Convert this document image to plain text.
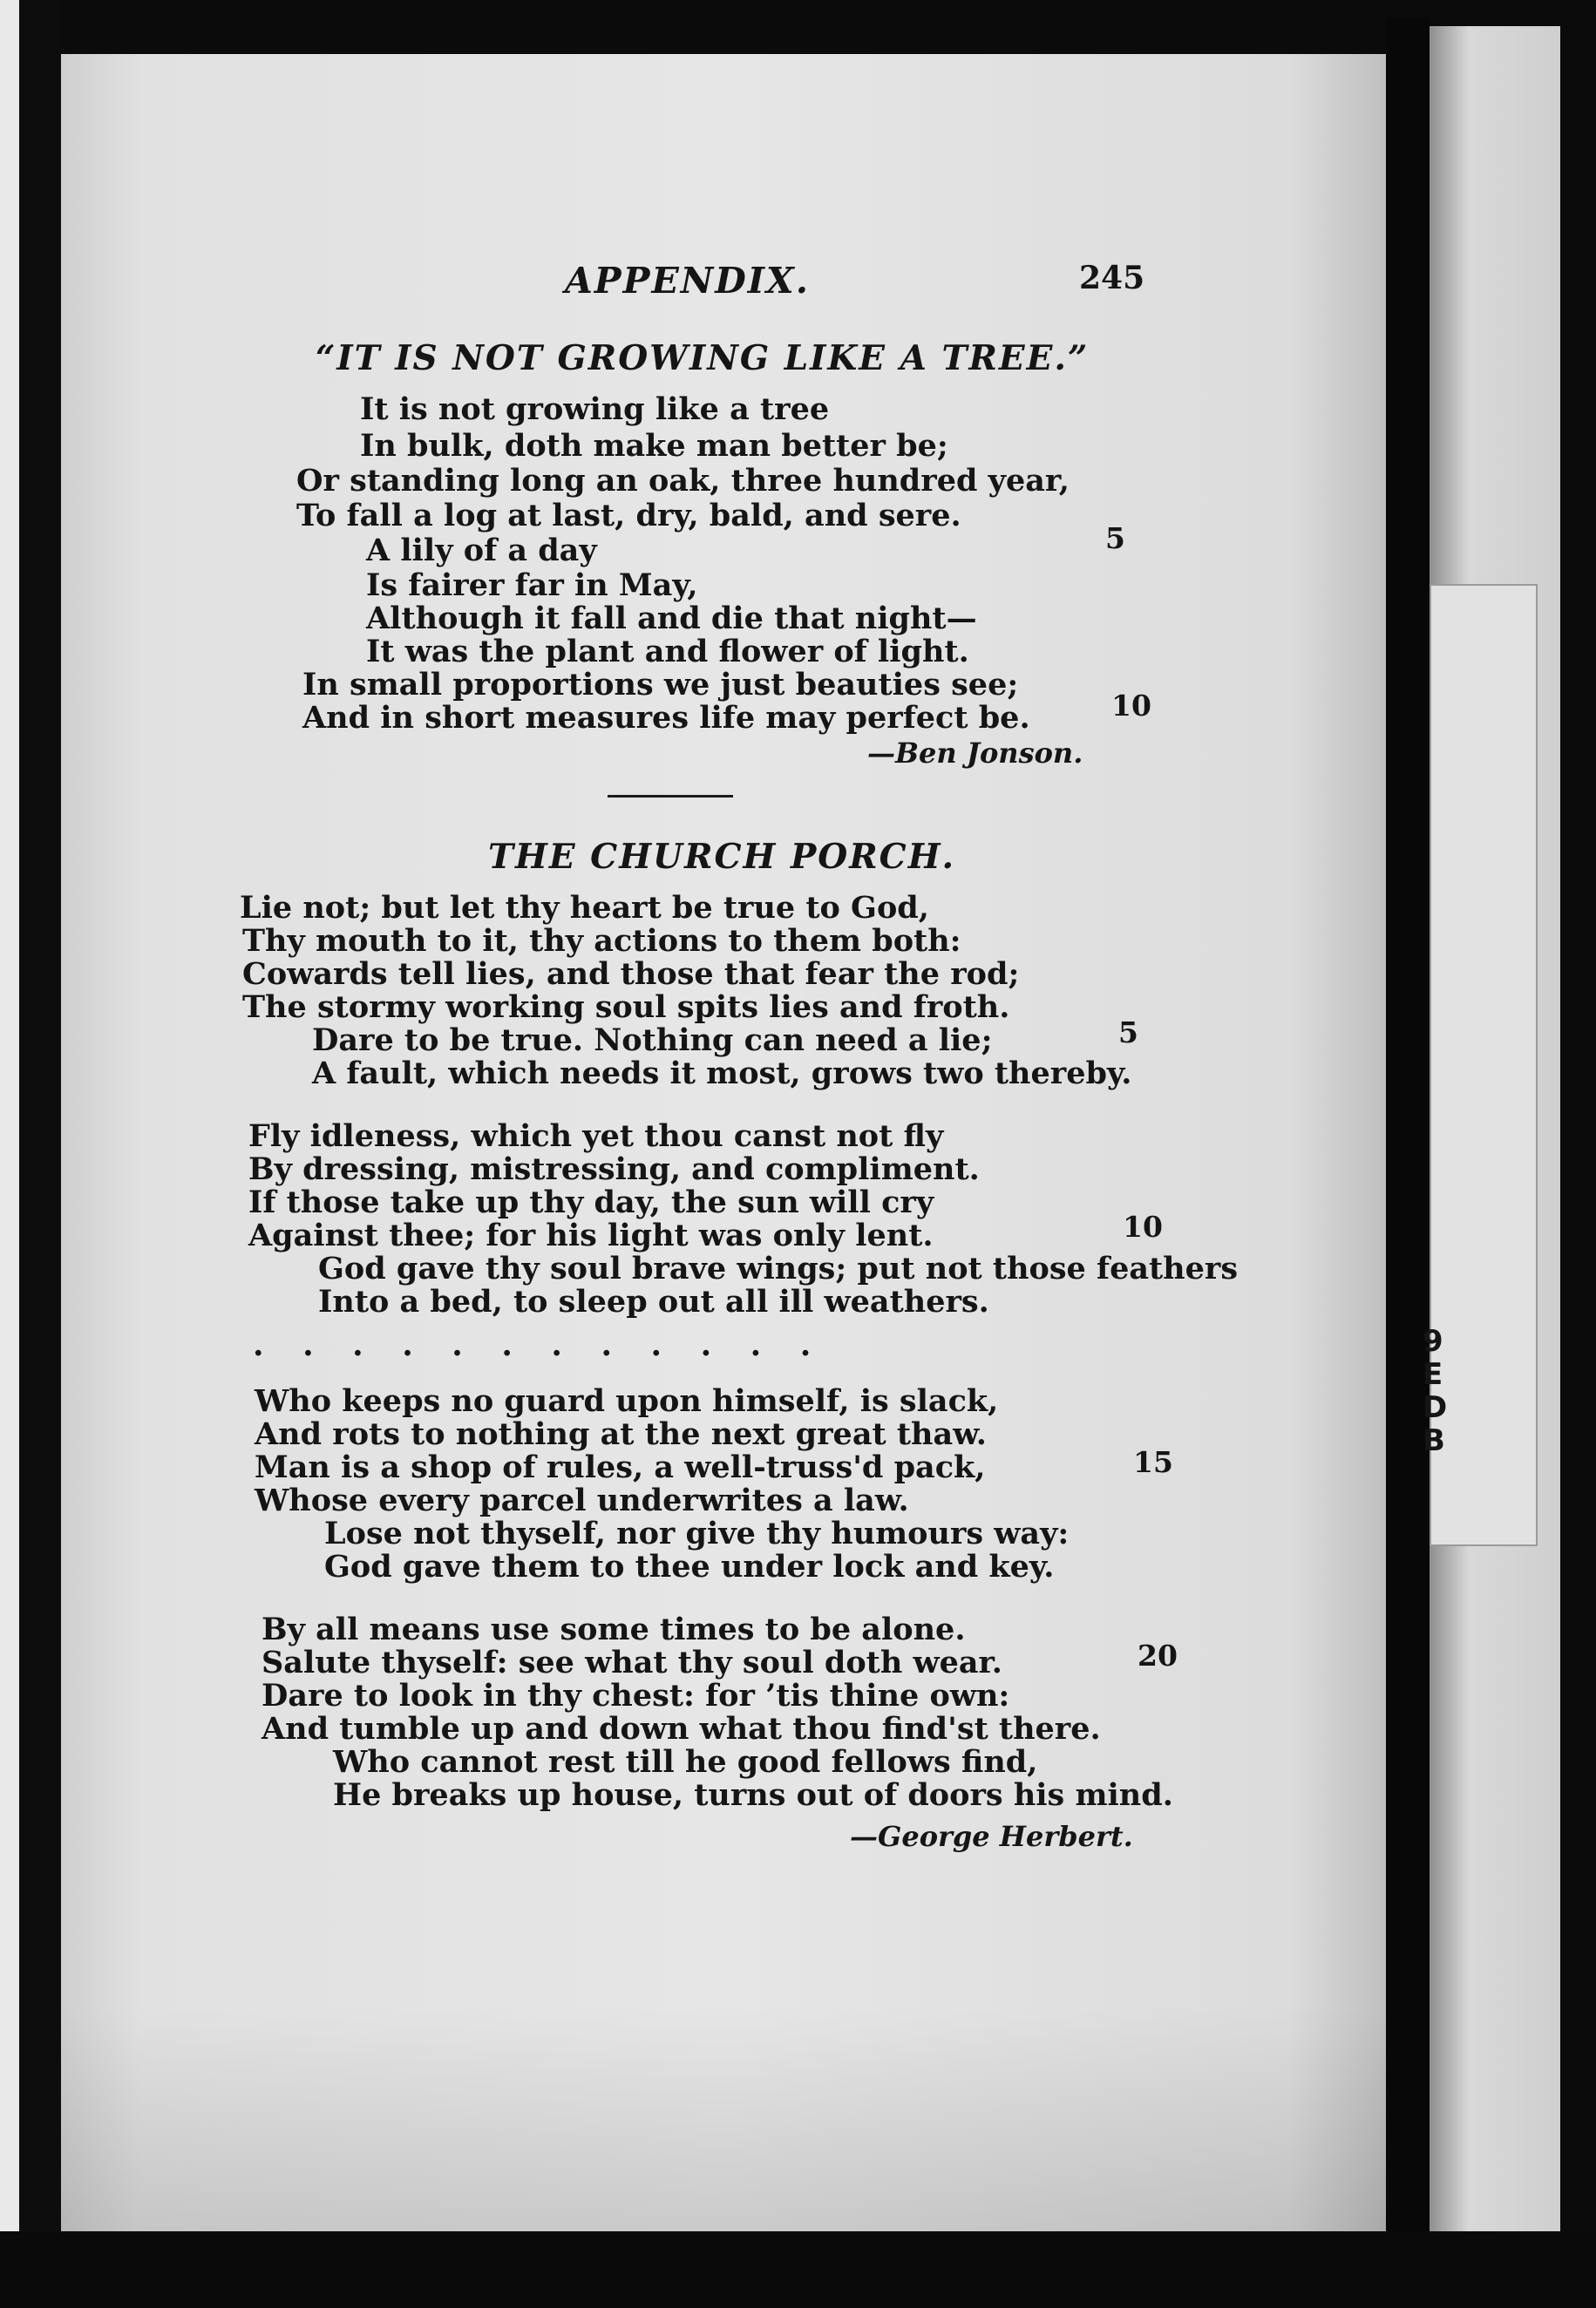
9
E
D
B
APPENDIX.	245
“IT IS NOT GROWING LIKE A TREE.”
It is not growing like a tree
In bulk, doth make man better be;
Or standing long an oak, three hundred year,
To fall a log at last, dry, bald, and sere.
A lily of a day
Is fairer far in May,
Although it fall and die that night—
It was the plant and flower of light.
In small proportions we just beauties see;
And in short measures life may perfect be.
5
10
—Ben Jonson.
THE CHURCH PORCH.
Lie not; but let thy heart be true to God,
Thy mouth to it, thy actions to them both:
Cowards tell lies, and those that fear the rod;
The stormy working soul spits lies and froth.
Dare to be true. Nothing can need a lie;
A fault, which needs it most, grows two thereby.
Fly idleness, which yet thou canst not fly
By dressing, mistressing, and compliment.
If those take up thy day, the sun will cry
Against thee; for his light was only lent.
God gave thy soul brave wings; put not those feathers
Into a bed, to sleep out all ill weathers.
. . . . . . . . . . . .
Who keeps no guard upon himself, is slack,
And rots to nothing at the next great thaw.
Man is a shop of rules, a well-truss'd pack,
Whose every parcel underwrites a law.
Lose not thyself, nor give thy humours way:
God gave them to thee under lock and key.
By all means use some times to be alone.
Salute thyself: see what thy soul doth wear.
Dare to look in thy chest: for ’tis thine own:
And tumble up and down what thou find'st there.
Who cannot rest till he good fellows find,
He breaks up house, turns out of doors his mind.
5
10
15
20
—George Herbert.
